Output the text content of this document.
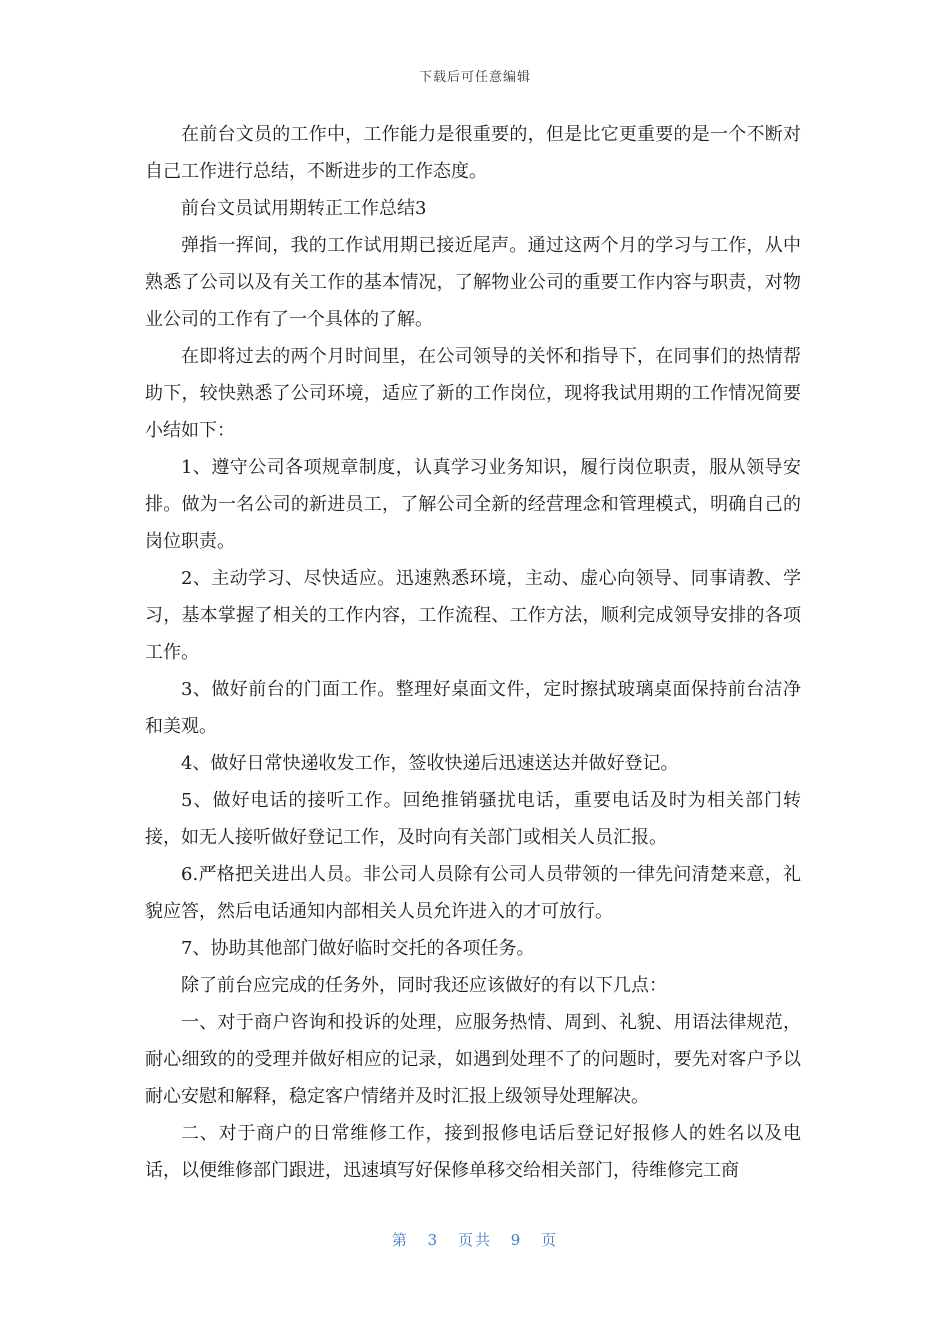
下载后可任意编辑

在前台文员的工作中，工作能力是很重要的，但是比它更重要的是一个不断对自己工作进行总结，不断进步的工作态度。

前台文员试用期转正工作总结3

弹指一挥间，我的工作试用期已接近尾声。通过这两个月的学习与工作，从中熟悉了公司以及有关工作的基本情况，了解物业公司的重要工作内容与职责，对物业公司的工作有了一个具体的了解。

在即将过去的两个月时间里，在公司领导的关怀和指导下，在同事们的热情帮助下，较快熟悉了公司环境，适应了新的工作岗位，现将我试用期的工作情况简要小结如下：

1、遵守公司各项规章制度，认真学习业务知识，履行岗位职责，服从领导安排。做为一名公司的新进员工，了解公司全新的经营理念和管理模式，明确自己的岗位职责。

2、主动学习、尽快适应。迅速熟悉环境，主动、虚心向领导、同事请教、学习，基本掌握了相关的工作内容，工作流程、工作方法，顺利完成领导安排的各项工作。

3、做好前台的门面工作。整理好桌面文件，定时擦拭玻璃桌面保持前台洁净和美观。

4、做好日常快递收发工作，签收快递后迅速送达并做好登记。

5、做好电话的接听工作。回绝推销骚扰电话，重要电话及时为相关部门转接，如无人接听做好登记工作，及时向有关部门或相关人员汇报。

6.严格把关进出人员。非公司人员除有公司人员带领的一律先问清楚来意，礼貌应答，然后电话通知内部相关人员允许进入的才可放行。

7、协助其他部门做好临时交托的各项任务。

除了前台应完成的任务外，同时我还应该做好的有以下几点：

一、对于商户咨询和投诉的处理，应服务热情、周到、礼貌、用语法律规范，耐心细致的的受理并做好相应的记录，如遇到处理不了的问题时，要先对客户予以耐心安慰和解释，稳定客户情绪并及时汇报上级领导处理解决。

二、对于商户的日常维修工作，接到报修电话后登记好报修人的姓名以及电话，以便维修部门跟进，迅速填写好保修单移交给相关部门，待维修完工商

第 3 页共 9 页
